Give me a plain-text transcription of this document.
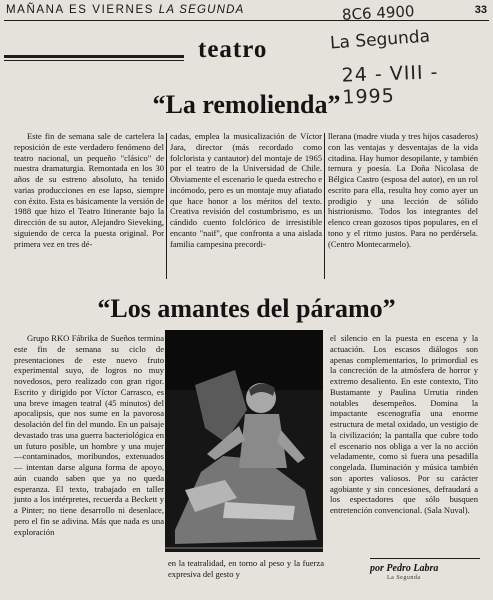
MAÑANA ES VIERNES LA SEGUNDA	33
8C6 4900
La Segunda
24 - VIII - 1995
teatro
“La remolienda”

Este fin de semana sale de cartelera la reposición de este verdadero fenómeno del teatro nacional, un pequeño "clásico" de nuestra dramaturgia. Remontada en los 30 años de su estreno absoluto, ha tenido varias producciones en ese lapso, siempre con éxito. Esta es básicamente la versión de 1988 que hizo el Teatro Itinerante bajo la dirección de su autor, Alejandro Sieveking, siguiendo de cerca la puesta original. Por primera vez en tres dé-

cadas, emplea la musicalización de Víctor Jara, director (más recordado como folclorista y cantautor) del montaje de 1965 por el teatro de la Universidad de Chile. Obviamente el escenario le queda estrecho e incómodo, pero es un montaje muy afiatado que hace honor a los méritos del texto. Creativa revisión del costumbrismo, es un cándido cuento folclórico de irresistible encanto "naif", que confronta a una aislada familia campesina precordi-

llerana (madre viuda y tres hijos casaderos) con las ventajas y desventajas de la vida citadina. Hay humor desopilante, y también ternura y poesía. La Doña Nicolasa de Bélgica Castro (esposa del autor), en un rol escrito para ella, resulta hoy como ayer un prodigio y una lección de sólido histrionismo. Todos los integrantes del elenco crean gozosos tipos populares, en el tono y el ritmo justos. Para no perdérsela. (Centro Montecarmelo).

“Los amantes del páramo”

Grupo RKO Fábrika de Sueños termina este fin de semana su ciclo de presentaciones de este nuevo fruto experimental suyo, de logros no muy novedosos, pero realizado con gran rigor. Escrito y dirigido por Víctor Carrasco, es una breve imagen teatral (45 minutos) del apocalipsis, que nos sume en la pavorosa desolación del fin del mundo. En un paisaje devastado tras una guerra bacteriológica en un futuro posible, un hombre y una mujer —contaminados, moribundos, extenuados— intentan darse alguna forma de apoyo, aún cuando saben que ya no queda esperanza. El texto, trabajado en taller junto a los intérpretes, recuerda a Beckett y a Pinter; no tiene desarrollo ni desenlace, pero el fin se adivina. Más que nada es una exploración

en la teatralidad, en torno al peso y la fuerza expresiva del gesto y

el silencio en la puesta en escena y la actuación. Los escasos diálogos son apenas complementarios, lo primordial es la concreción de la atmósfera de horror y extremo desaliento. En este contexto, Tito Bustamante y Paulina Urrutia rinden notables desempeños. Domina la impactante escenografía una enorme estructura de metal oxidado, un vestigio de la civilización; la pantalla que cubre todo el escenario nos obliga a ver la no acción veladamente, como si fuera una pesadilla congelada. Iluminación y música también son aportes valiosos. Por su carácter agobiante y sin concesiones, defraudará a los espectadores que sólo busquen entretención convencional. (Sala Nuval).

por Pedro Labra
La Segunda
